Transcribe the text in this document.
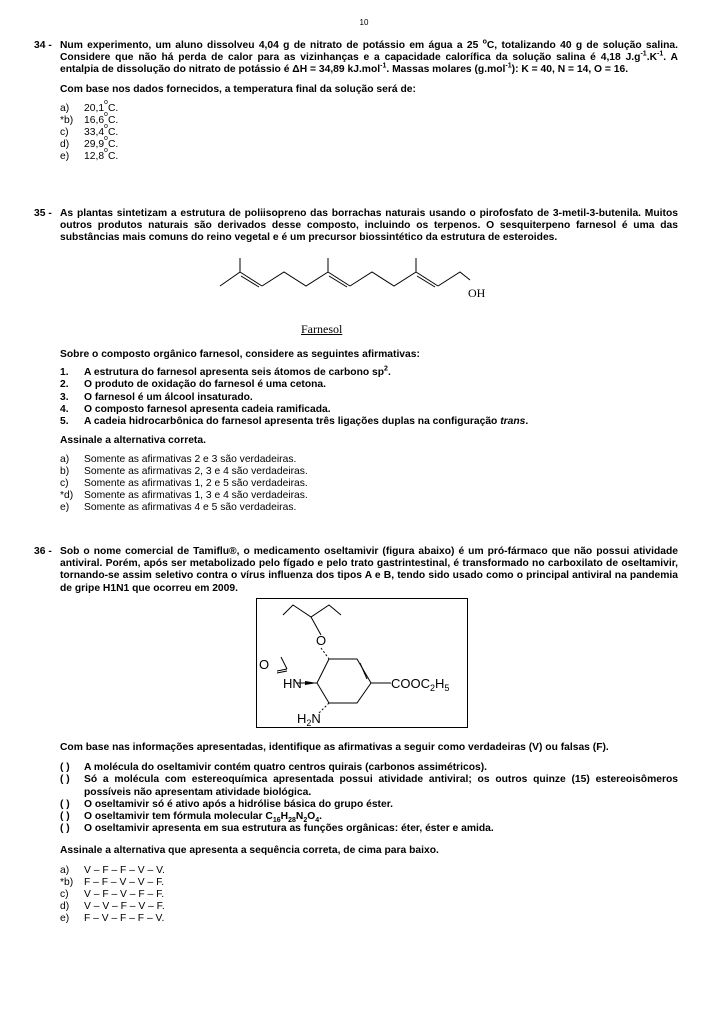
10
34 - Num experimento, um aluno dissolveu 4,04 g de nitrato de potássio em água a 25 $^o$C, totalizando 40 g de solução salina. Considere que não há perda de calor para as vizinhanças e a capacidade calorífica da solução salina é 4,18 $J.g^{-1}.K^{-1}$. A entalpia de dissolução do nitrato de potássio é ΔH = 34,89 kJ.mol$^{-1}$. Massas molares (g.mol$^{-1}$): K = 40, N = 14, O = 16.
Com base nos dados fornecidos, a temperatura final da solução será de:
a)	20,1
o
C.
*b)	16,6
o
C.
c)	33,4
o
C.
d)	29,9
o
C.
e)	12,8
o
C.
35 - As plantas sintetizam a estrutura de poliisopreno das borrachas naturais usando o pirofosfato de 3-metil-3-butenila. Muitos outros produtos naturais são derivados desse composto, incluindo os terpenos. O sesquiterpeno farnesol é uma das substâncias mais comuns do reino vegetal e é um precursor biossintético da estrutura de esteroides.
OH
Farnesol
Sobre o composto orgânico farnesol, considere as seguintes afirmativas:
1.	A estrutura do farnesol apresenta seis átomos de carbono $sp^2$.
2.	O produto de oxidação do farnesol é uma cetona.
3.	O farnesol é um álcool insaturado.
4.	O composto farnesol apresenta cadeia ramificada.
5.	A cadeia hidrocarbônica do farnesol apresenta três ligações duplas na configuração trans.
Assinale a alternativa correta.
a)	Somente as afirmativas 2 e 3 são verdadeiras.
b)	Somente as afirmativas 2, 3 e 4 são verdadeiras.
c)	Somente as afirmativas 1, 2 e 5 são verdadeiras.
*d)	Somente as afirmativas 1, 3 e 4 são verdadeiras.
e)	Somente as afirmativas 4 e 5 são verdadeiras.
36 - Sob o nome comercial de Tamiflu®, o medicamento oseltamivir (figura abaixo) é um pró-fármaco que não possui atividade antiviral. Porém, após ser metabolizado pelo fígado e pelo trato gastrintestinal, é transformado no carboxilato de oseltamivir, tornando-se assim seletivo contra o vírus influenza dos tipos A e B, tendo sido usado como o principal antiviral na pandemia de gripe H1N1 que ocorreu em 2009.
O
O
HN	$COOC_2H_5$
$H_2N$
Com base nas informações apresentadas, identifique as afirmativas a seguir como verdadeiras (V) ou falsas (F).
( )	A molécula do oseltamivir contém quatro centros quirais (carbonos assimétricos).
( )	Só a molécula com estereoquímica apresentada possui atividade antiviral; os outros quinze (15) estereoisômeros possíveis não apresentam atividade biológica.
( )	O oseltamivir só é ativo após a hidrólise básica do grupo éster.
( )	O oseltamivir tem fórmula molecular $C_{16}H_{28}N_2O_4$.
( )	O oseltamivir apresenta em sua estrutura as funções orgânicas: éter, éster e amida.
Assinale a alternativa que apresenta a sequência correta, de cima para baixo.
a)	V – F – F – V – V.
*b)	F – F – V – V – F.
c)	V – F – V – F – F.
d)	V – V – F – V – F.
e)	F – V – F – F – V.
